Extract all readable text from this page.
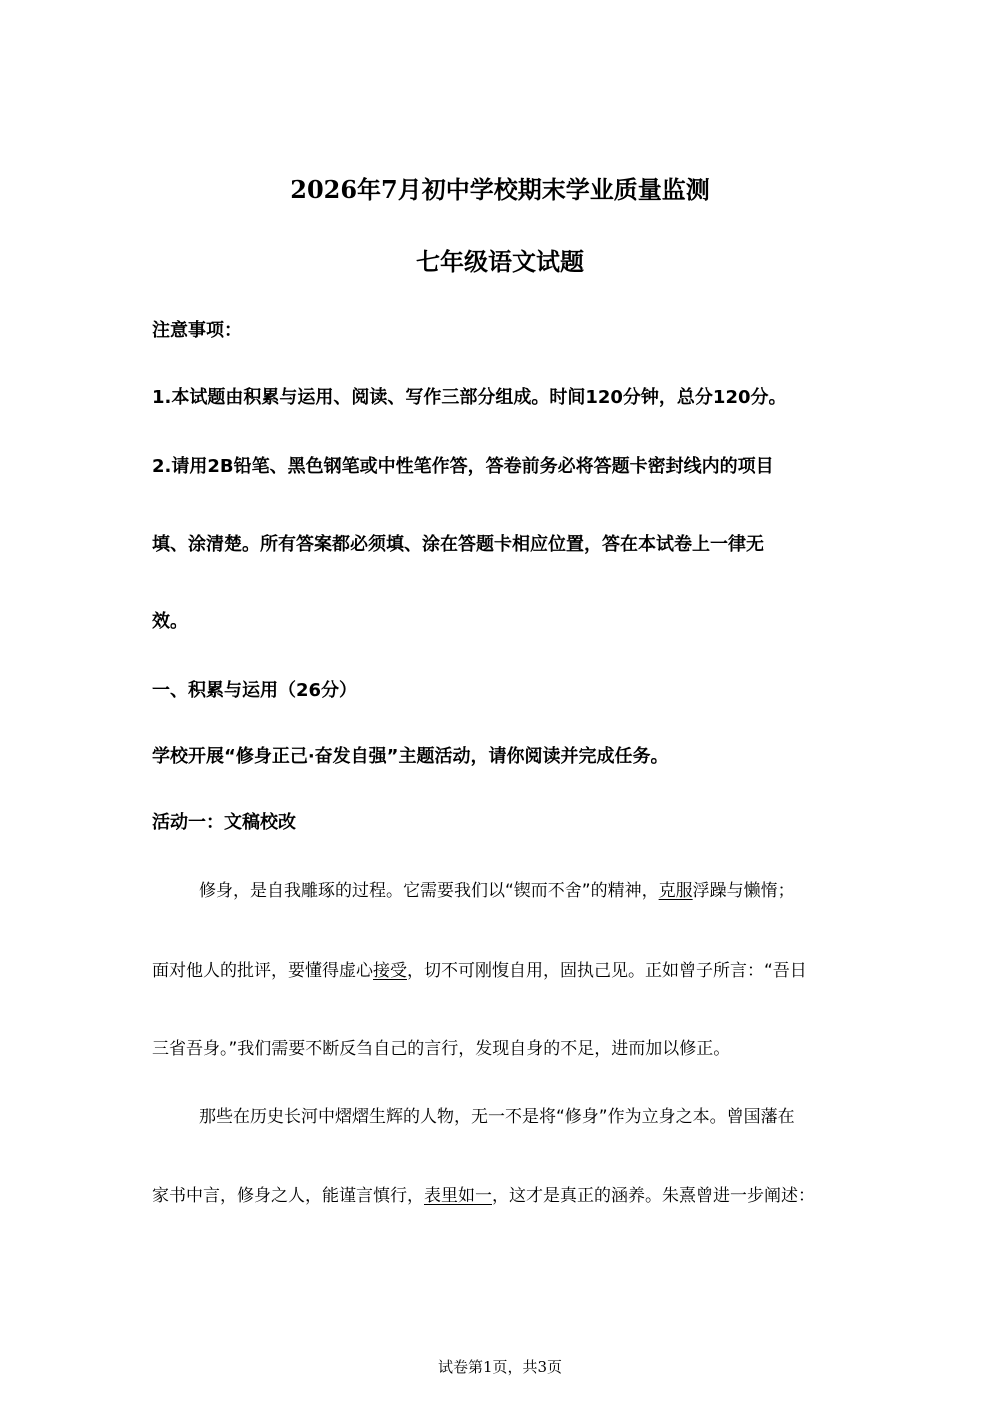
2026年7月初中学校期末学业质量监测
七年级语文试题
注意事项：
1.本试题由积累与运用、阅读、写作三部分组成。时间120分钟，总分120分。
2.请用2B铅笔、黑色钢笔或中性笔作答，答卷前务必将答题卡密封线内的项目
填、涂清楚。所有答案都必须填、涂在答题卡相应位置，答在本试卷上一律无
效。
一、积累与运用（26分）
学校开展“修身正己·奋发自强”主题活动，请你阅读并完成任务。
活动一：文稿校改
修身，是自我雕琢的过程。它需要我们以“锲而不舍”的精神，克服浮躁与懒惰；
面对他人的批评，要懂得虚心接受，切不可刚愎自用，固执己见。正如曾子所言：“吾日
三省吾身。”我们需要不断反刍自己的言行，发现自身的不足，进而加以修正。
那些在历史长河中熠熠生辉的人物，无一不是将“修身”作为立身之本。曾国藩在
家书中言，修身之人，能谨言慎行，表里如一，这才是真正的涵养。朱熹曾进一步阐述：
试卷第1页，共3页
